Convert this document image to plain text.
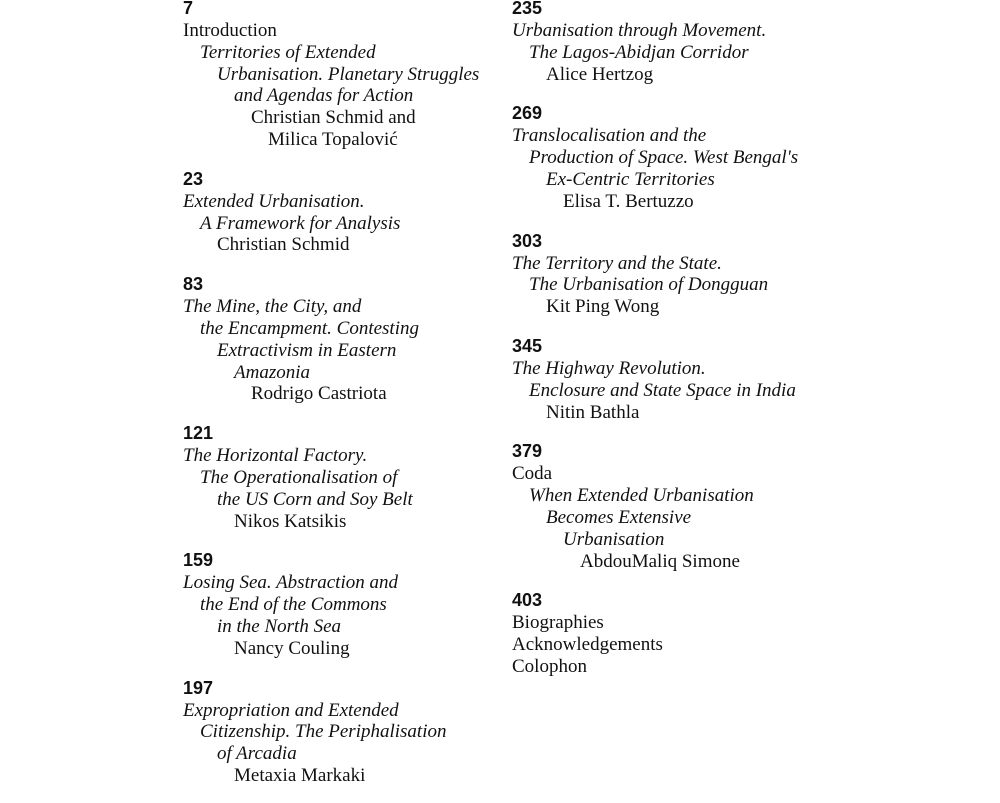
7
Introduction
Territories of Extended
Urbanisation. Planetary Struggles
and Agendas for Action
Christian Schmid and
Milica Topalović
23
Extended Urbanisation.
A Framework for Analysis
Christian Schmid
83
The Mine, the City, and
the Encampment. Contesting
Extractivism in Eastern
Amazonia
Rodrigo Castriota
121
The Horizontal Factory.
The Operationalisation of
the US Corn and Soy Belt
Nikos Katsikis
159
Losing Sea. Abstraction and
the End of the Commons
in the North Sea
Nancy Couling
197
Expropriation and Extended
Citizenship. The Periphalisation
of Arcadia
Metaxia Markaki
235
Urbanisation through Movement.
The Lagos-Abidjan Corridor
Alice Hertzog
269
Translocalisation and the
Production of Space. West Bengal's
Ex-Centric Territories
Elisa T. Bertuzzo
303
The Territory and the State.
The Urbanisation of Dongguan
Kit Ping Wong
345
The Highway Revolution.
Enclosure and State Space in India
Nitin Bathla
379
Coda
When Extended Urbanisation
Becomes Extensive
Urbanisation
AbdouMaliq Simone
403
Biographies
Acknowledgements
Colophon
